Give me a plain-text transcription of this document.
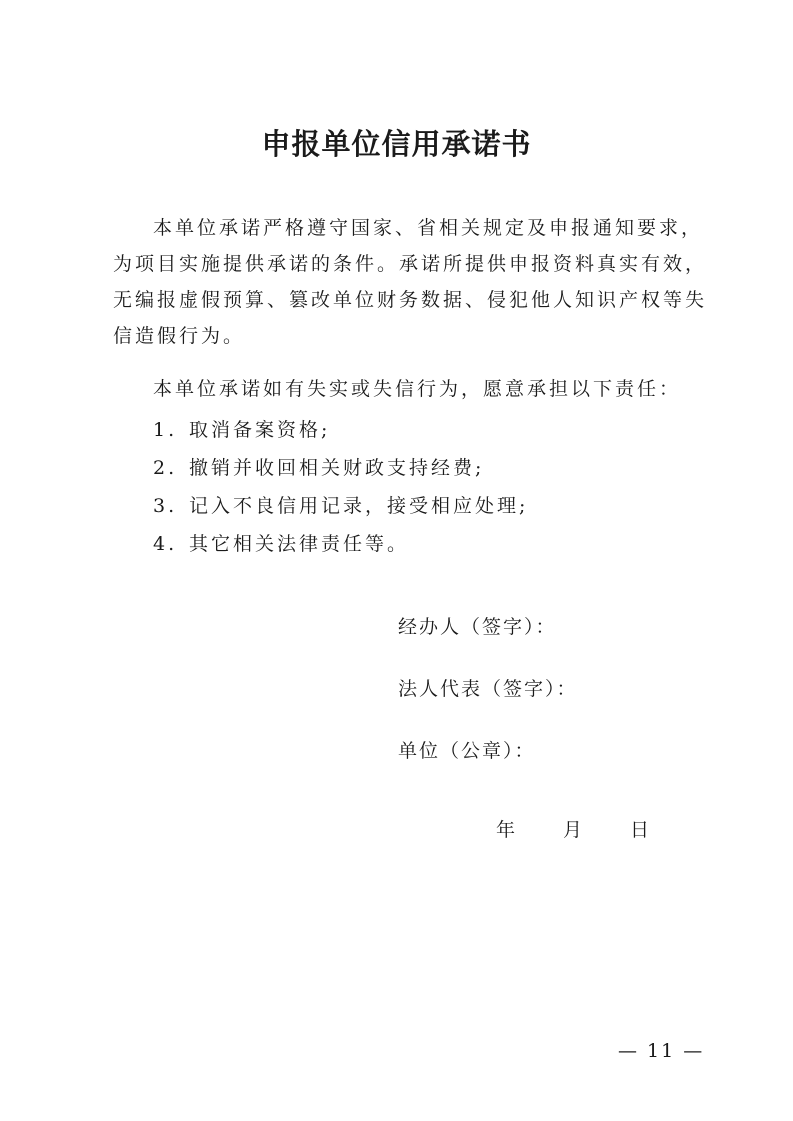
申报单位信用承诺书
本单位承诺严格遵守国家、省相关规定及申报通知要求，
为项目实施提供承诺的条件。承诺所提供申报资料真实有效，
无编报虚假预算、篡改单位财务数据、侵犯他人知识产权等失
信造假行为。
本单位承诺如有失实或失信行为，愿意承担以下责任：
1. 取消备案资格;
2. 撤销并收回相关财政支持经费;
3. 记入不良信用记录，接受相应处理;
4. 其它相关法律责任等。
经办人（签字）：
法人代表（签字）：
单位（公章）：
年	月	日
— 11 —
